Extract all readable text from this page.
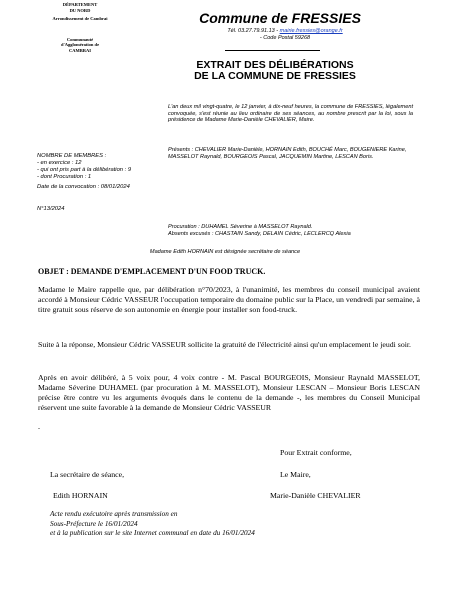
DÉPARTEMENT
DU NORD
Arrondissement de Cambrai
Communauté
d'Agglomération de
CAMBRAI
Commune de FRESSIES
Tél. 03.27.79.91.13 - mairie.fressies@orange.fr
- Code Postal 59268
EXTRAIT DES DÉLIBÉRATIONS
DE LA COMMUNE DE FRESSIES
L'an deux mil vingt-quatre, le 12 janvier, à dix-neuf heures, la commune de FRESSIES, légalement convoquée, s'est réunie au lieu ordinaire de ses séances, au nombre prescrit par la loi, sous la présidence de Madame Marie-Danièle CHEVALIER, Maire.
NOMBRE DE MEMBRES :
- en exercice : 12
- qui ont pris part à la délibération : 9
- dont Procuration : 1
Date de la convocation : 08/01/2024
N°13/2024
Présents : CHEVALIER Marie-Danièle, HORNAIN Edith, BOUCHÉ Marc, BOUGENIERE Karine, MASSELOT Raynald, BOURGEOIS Pascal, JACQUEMIN Martine, LESCAN Boris.
Procuration : DUHAMEL Séverine à MASSELOT Raynald.
Absents excusés : CHASTAIN Sandy, DELAIN Cédric, LECLERCQ Alexia
Madame Edith HORNAIN est désignée secrétaire de séance
OBJET : DEMANDE D'EMPLACEMENT D'UN FOOD TRUCK.
Madame le Maire rappelle que, par délibération n°70/2023, à l'unanimité, les membres du conseil municipal avaient accordé à Monsieur Cédric VASSEUR l'occupation temporaire du domaine public sur la Place, un vendredi par semaine, à titre gratuit sous réserve de son autonomie en énergie pour installer son food-truck.
Suite à la réponse, Monsieur Cédric VASSEUR sollicite la gratuité de l'électricité ainsi qu'un emplacement le jeudi soir.
Après en avoir délibéré, à 5 voix pour, 4 voix contre - M. Pascal BOURGEOIS, Monsieur Raynald MASSELOT, Madame Séverine DUHAMEL (par procuration à M. MASSELOT), Monsieur LESCAN – Monsieur Boris LESCAN précise être contre vu les arguments évoqués dans le contenu de la demande -, les membres du Conseil Municipal réservent une suite favorable à la demande de Monsieur Cédric VASSEUR
.
Pour Extrait conforme,
La secrétaire de séance,	Le Maire,
Edith HORNAIN	Marie-Danièle CHEVALIER
Acte rendu exécutoire après transmission en
Sous-Préfecture le 16/01/2024
et à la publication sur le site Internet communal en date du 16/01/2024
